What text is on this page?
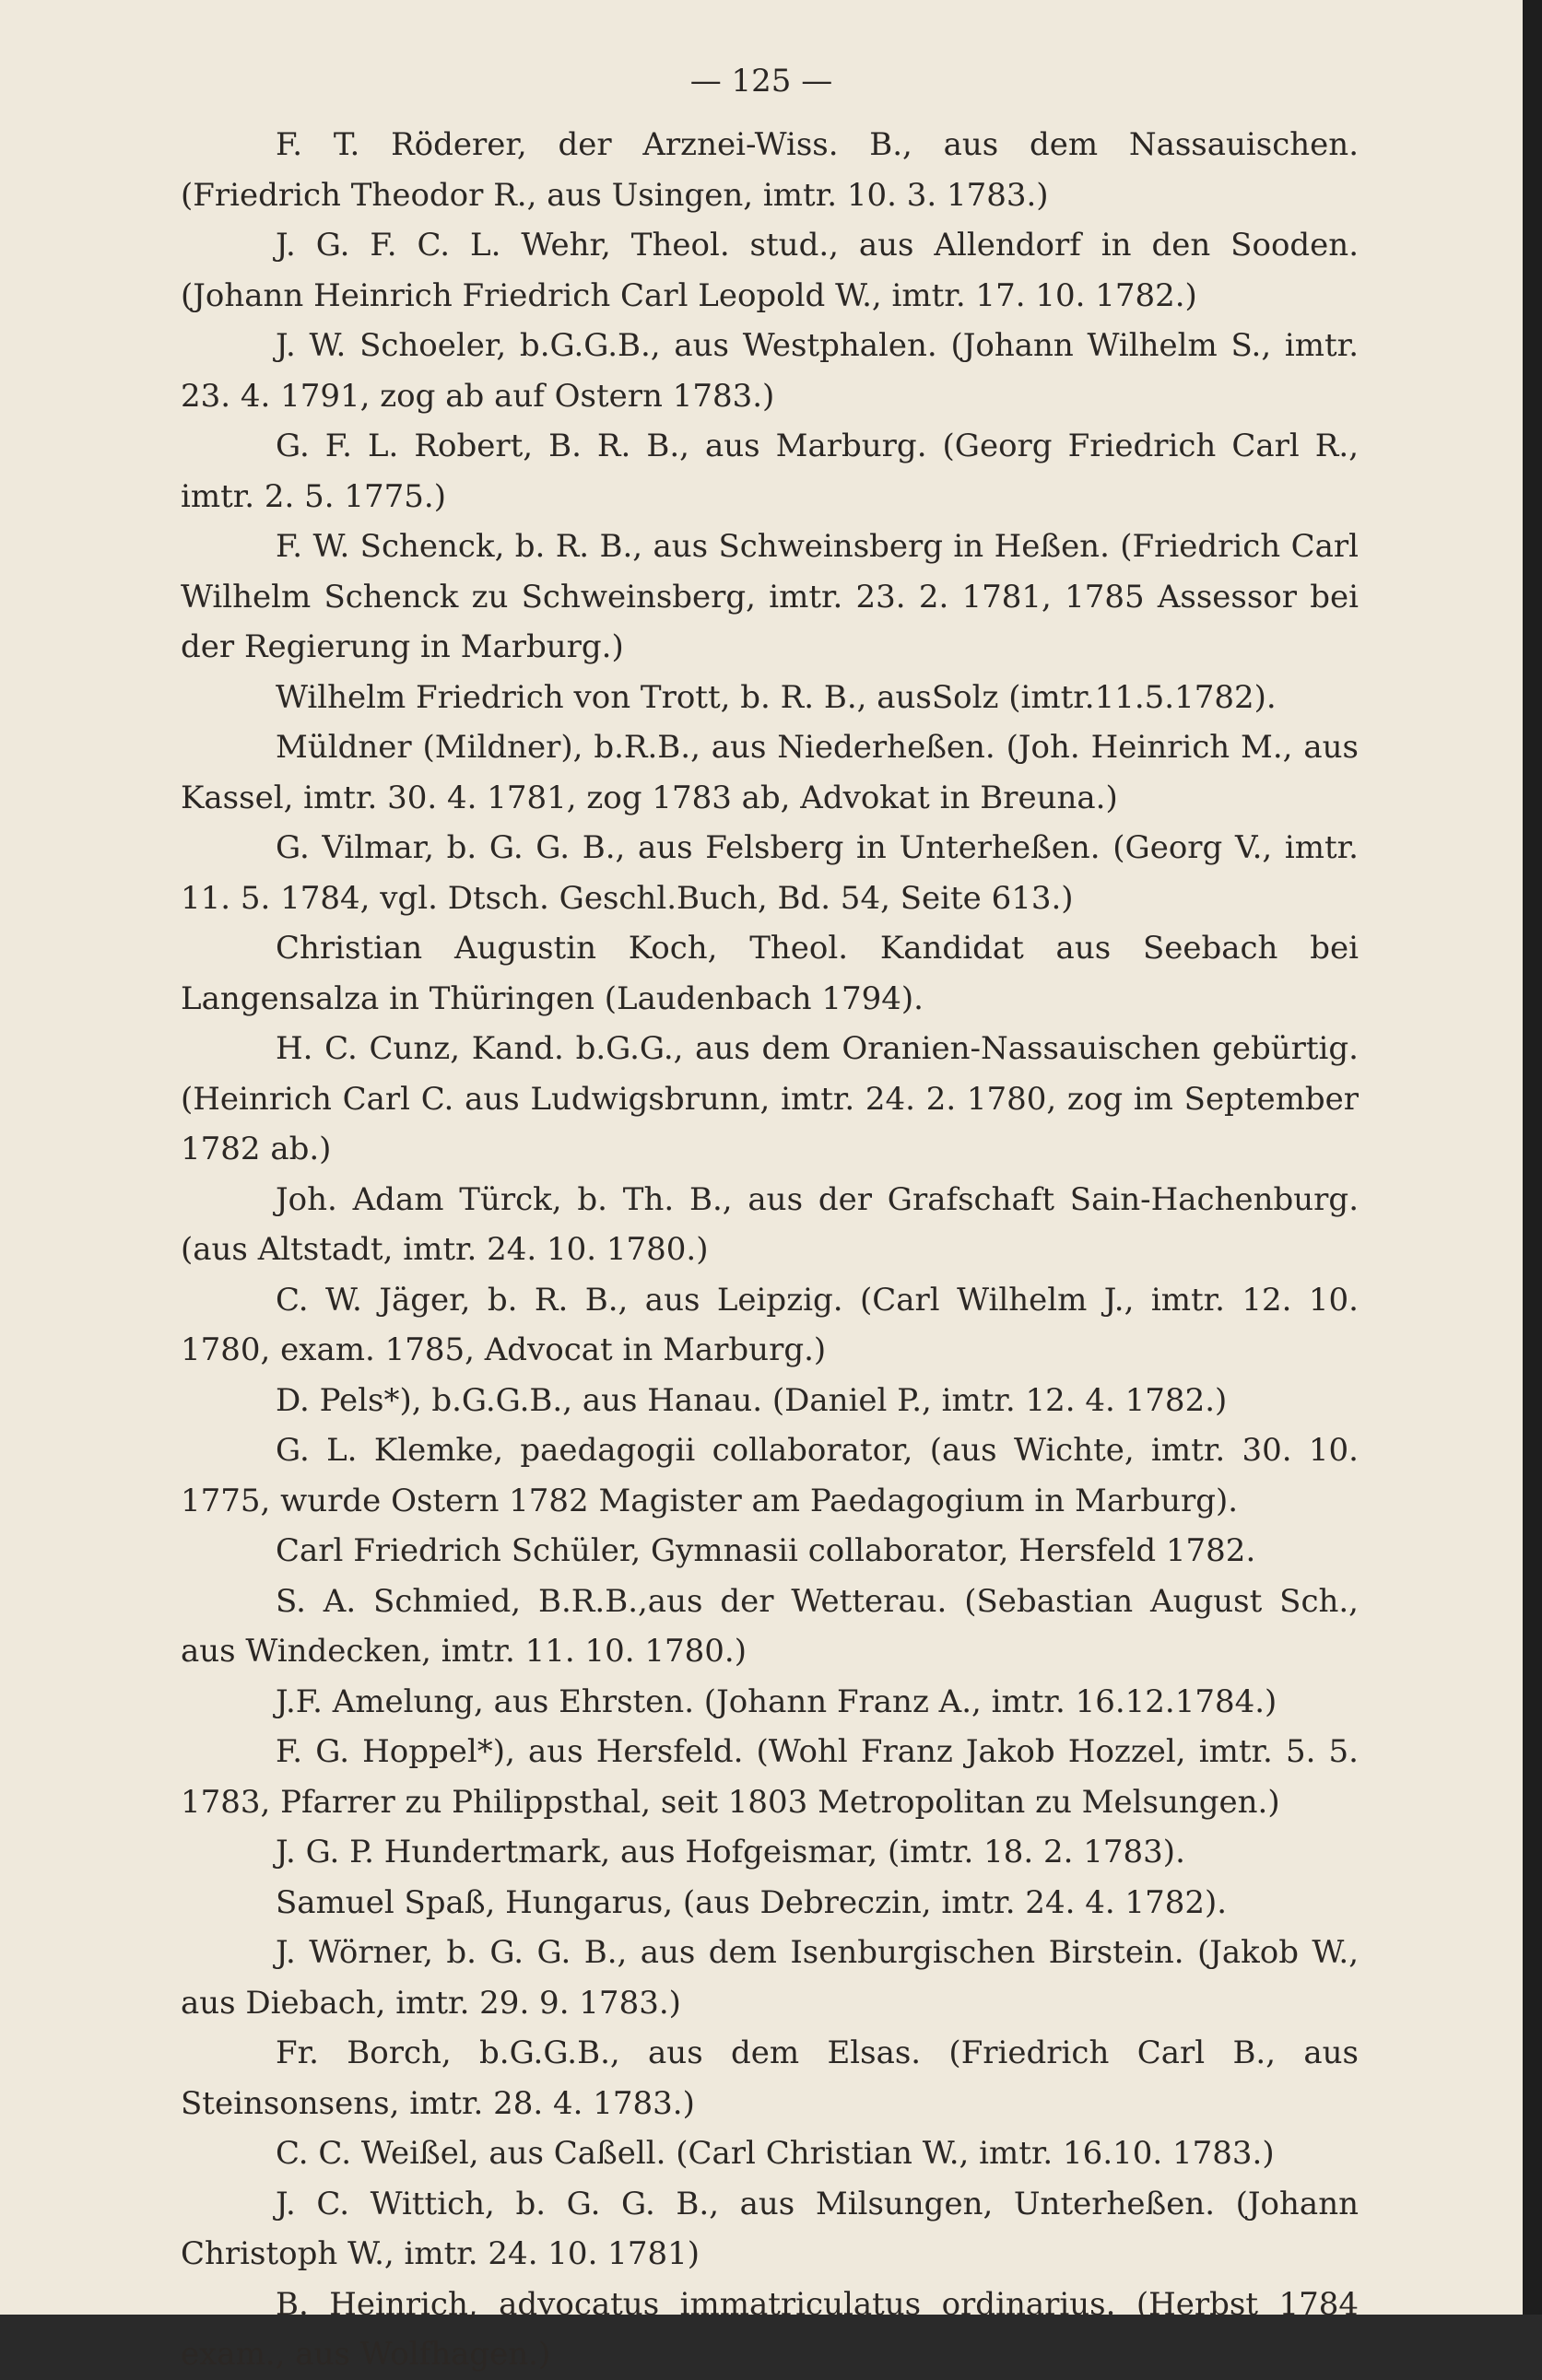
— 125 —

F. T. Röderer, der Arznei-Wiss. B., aus dem Nassauischen. (Friedrich Theodor R., aus Usingen, imtr. 10. 3. 1783.)

J. G. F. C. L. Wehr, Theol. stud., aus Allendorf in den Sooden. (Johann Heinrich Friedrich Carl Leopold W., imtr. 17. 10. 1782.)

J. W. Schoeler, b.G.G.B., aus Westphalen. (Johann Wilhelm S., imtr. 23. 4. 1791, zog ab auf Ostern 1783.)

G. F. L. Robert, B. R. B., aus Marburg. (Georg Friedrich Carl R., imtr. 2. 5. 1775.)

F. W. Schenck, b. R. B., aus Schweinsberg in Heßen. (Friedrich Carl Wilhelm Schenck zu Schweinsberg, imtr. 23. 2. 1781, 1785 Assessor bei der Regierung in Marburg.)

Wilhelm Friedrich von Trott, b. R. B., ausSolz (imtr.11.5.1782).

Müldner (Mildner), b.R.B., aus Niederheßen. (Joh. Heinrich M., aus Kassel, imtr. 30. 4. 1781, zog 1783 ab, Advokat in Breuna.)

G. Vilmar, b. G. G. B., aus Felsberg in Unterheßen. (Georg V., imtr. 11. 5. 1784, vgl. Dtsch. Geschl.Buch, Bd. 54, Seite 613.)

Christian Augustin Koch, Theol. Kandidat aus Seebach bei Langensalza in Thüringen (Laudenbach 1794).

H. C. Cunz, Kand. b.G.G., aus dem Oranien-Nassauischen gebürtig. (Heinrich Carl C. aus Ludwigsbrunn, imtr. 24. 2. 1780, zog im September 1782 ab.)

Joh. Adam Türck, b. Th. B., aus der Grafschaft Sain-Hachenburg. (aus Altstadt, imtr. 24. 10. 1780.)

C. W. Jäger, b. R. B., aus Leipzig. (Carl Wilhelm J., imtr. 12. 10. 1780, exam. 1785, Advocat in Marburg.)

D. Pels*), b.G.G.B., aus Hanau. (Daniel P., imtr. 12. 4. 1782.)

G. L. Klemke, paedagogii collaborator, (aus Wichte, imtr. 30. 10. 1775, wurde Ostern 1782 Magister am Paedagogium in Marburg).

Carl Friedrich Schüler, Gymnasii collaborator, Hersfeld 1782.

S. A. Schmied, B.R.B.,aus der Wetterau. (Sebastian August Sch., aus Windecken, imtr. 11. 10. 1780.)

J.F. Amelung, aus Ehrsten. (Johann Franz A., imtr. 16.12.1784.)

F. G. Hoppel*), aus Hersfeld. (Wohl Franz Jakob Hozzel, imtr. 5. 5. 1783, Pfarrer zu Philippsthal, seit 1803 Metropolitan zu Melsungen.)

J. G. P. Hundertmark, aus Hofgeismar, (imtr. 18. 2. 1783).

Samuel Spaß, Hungarus, (aus Debreczin, imtr. 24. 4. 1782).

J. Wörner, b. G. G. B., aus dem Isenburgischen Birstein. (Jakob W., aus Diebach, imtr. 29. 9. 1783.)

Fr. Borch, b.G.G.B., aus dem Elsas. (Friedrich Carl B., aus Steinsonsens, imtr. 28. 4. 1783.)

C. C. Weißel, aus Caßell. (Carl Christian W., imtr. 16.10. 1783.)

J. C. Wittich, b. G. G. B., aus Milsungen, Unterheßen. (Johann Christoph W., imtr. 24. 10. 1781)

B. Heinrich, advocatus immatriculatus ordinarius. (Herbst 1784 exam., aus Wolfhagen.)
